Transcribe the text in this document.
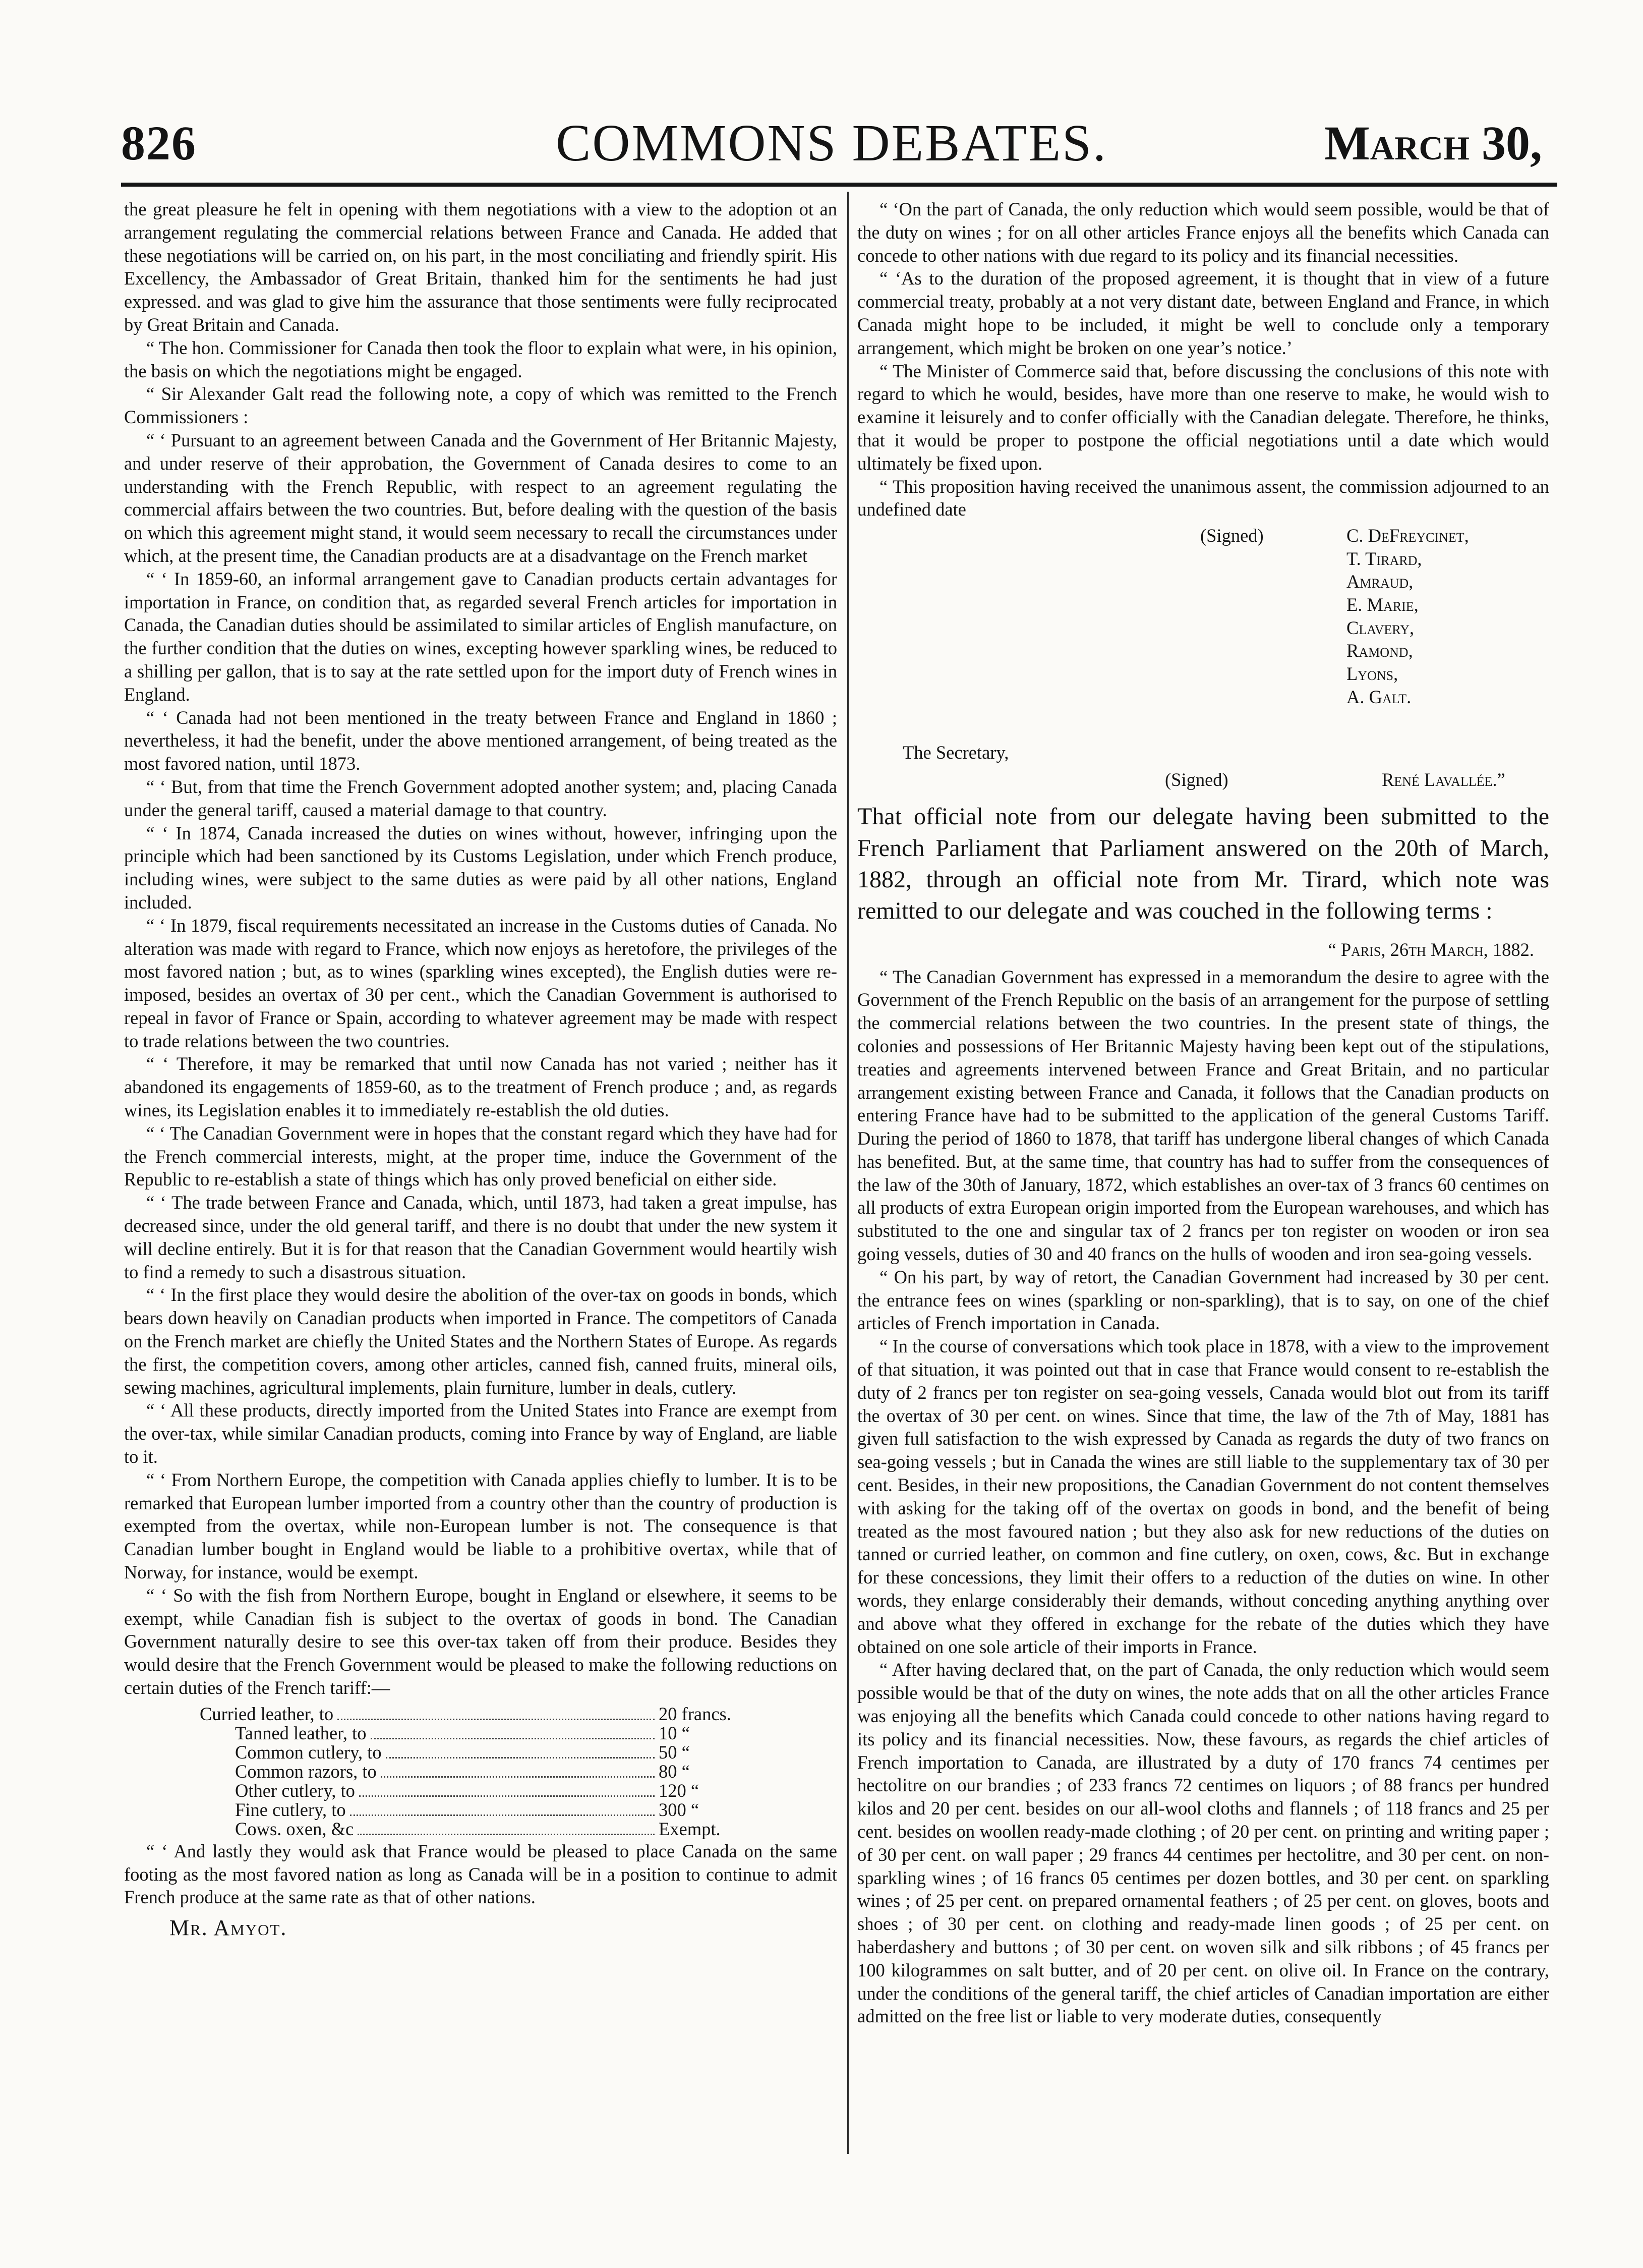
826	COMMONS DEBATES.	March 30,

the great pleasure he felt in opening with them negotiations with a view to the adoption ot an arrangement regulating the commercial relations between France and Canada. He added that these negotiations will be carried on, on his part, in the most conciliating and friendly spirit. His Excellency, the Ambassador of Great Britain, thanked him for the sentiments he had just expressed. and was glad to give him the assurance that those sentiments were fully reciprocated by Great Britain and Canada.

“ The hon. Commissioner for Canada then took the floor to explain what were, in his opinion, the basis on which the negotiations might be engaged.

“ Sir Alexander Galt read the following note, a copy of which was remitted to the French Commissioners :

“ ‘ Pursuant to an agreement between Canada and the Government of Her Britannic Majesty, and under reserve of their approbation, the Government of Canada desires to come to an understanding with the French Republic, with respect to an agreement regulating the commercial affairs between the two countries. But, before dealing with the question of the basis on which this agreement might stand, it would seem necessary to recall the circumstances under which, at the present time, the Canadian products are at a disadvantage on the French market

“ ‘ In 1859-60, an informal arrangement gave to Canadian products certain advantages for importation in France, on condition that, as regarded several French articles for importation in Canada, the Canadian duties should be assimilated to similar articles of English manufacture, on the further condition that the duties on wines, excepting however sparkling wines, be reduced to a shilling per gallon, that is to say at the rate settled upon for the import duty of French wines in England.

“ ‘ Canada had not been mentioned in the treaty between France and England in 1860 ; nevertheless, it had the benefit, under the above mentioned arrangement, of being treated as the most favored nation, until 1873.

“ ‘ But, from that time the French Government adopted another system; and, placing Canada under the general tariff, caused a material damage to that country.

“ ‘ In 1874, Canada increased the duties on wines without, however, infringing upon the principle which had been sanctioned by its Customs Legislation, under which French produce, including wines, were subject to the same duties as were paid by all other nations, England included.

“ ‘ In 1879, fiscal requirements necessitated an increase in the Customs duties of Canada. No alteration was made with regard to France, which now enjoys as heretofore, the privileges of the most favored nation ; but, as to wines (sparkling wines excepted), the English duties were re-imposed, besides an overtax of 30 per cent., which the Canadian Government is authorised to repeal in favor of France or Spain, according to whatever agreement may be made with respect to trade relations between the two countries.

“ ‘ Therefore, it may be remarked that until now Canada has not varied ; neither has it abandoned its engagements of 1859-60, as to the treatment of French produce ; and, as regards wines, its Legislation enables it to immediately re-establish the old duties.

“ ‘ The Canadian Government were in hopes that the constant regard which they have had for the French commercial interests, might, at the proper time, induce the Government of the Republic to re-establish a state of things which has only proved beneficial on either side.

“ ‘ The trade between France and Canada, which, until 1873, had taken a great impulse, has decreased since, under the old general tariff, and there is no doubt that under the new system it will decline entirely. But it is for that reason that the Canadian Government would heartily wish to find a remedy to such a disastrous situation.

“ ‘ In the first place they would desire the abolition of the over-tax on goods in bonds, which bears down heavily on Canadian products when imported in France. The competitors of Canada on the French market are chiefly the United States and the Northern States of Europe. As regards the first, the competition covers, among other articles, canned fish, canned fruits, mineral oils, sewing machines, agricultural implements, plain furniture, lumber in deals, cutlery.

“ ‘ All these products, directly imported from the United States into France are exempt from the over-tax, while similar Canadian products, coming into France by way of England, are liable to it.

“ ‘ From Northern Europe, the competition with Canada applies chiefly to lumber. It is to be remarked that European lumber imported from a country other than the country of production is exempted from the overtax, while non-European lumber is not. The consequence is that Canadian lumber bought in England would be liable to a prohibitive overtax, while that of Norway, for instance, would be exempt.

“ ‘ So with the fish from Northern Europe, bought in England or elsewhere, it seems to be exempt, while Canadian fish is subject to the overtax of goods in bond. The Canadian Government naturally desire to see this over-tax taken off from their produce. Besides they would desire that the French Government would be pleased to make the following reductions on certain duties of the French tariff:—

Curried leather, to	20 francs.
Tanned leather, to	10 “
Common cutlery, to	50 “
Common razors, to	80 “
Other cutlery, to	120 “
Fine cutlery, to	300 “
Cows. oxen, &c	Exempt.

“ ‘ And lastly they would ask that France would be pleased to place Canada on the same footing as the most favored nation as long as Canada will be in a position to continue to admit French produce at the same rate as that of other nations.

Mr. Amyot.

“ ‘On the part of Canada, the only reduction which would seem possible, would be that of the duty on wines ; for on all other articles France enjoys all the benefits which Canada can concede to other nations with due regard to its policy and its financial necessities.

“ ‘As to the duration of the proposed agreement, it is thought that in view of a future commercial treaty, probably at a not very distant date, between England and France, in which Canada might hope to be included, it might be well to conclude only a temporary arrangement, which might be broken on one year’s notice.’

“ The Minister of Commerce said that, before discussing the conclusions of this note with regard to which he would, besides, have more than one reserve to make, he would wish to examine it leisurely and to confer officially with the Canadian delegate. Therefore, he thinks, that it would be proper to postpone the official negotiations until a date which would ultimately be fixed upon.

“ This proposition having received the unanimous assent, the commission adjourned to an undefined date

(Signed)	C. DeFreycinet,
T. Tirard,
Amraud,
E. Marie,
Clavery,
Ramond,
Lyons,
A. Galt.
The Secretary,
(Signed)	René Lavallée.”

That official note from our delegate having been submitted to the French Parliament that Parliament answered on the 20th of March, 1882, through an official note from Mr. Tirard, which note was remitted to our delegate and was couched in the following terms :

“ Paris, 26th March, 1882.

“ The Canadian Government has expressed in a memorandum the desire to agree with the Government of the French Republic on the basis of an arrangement for the purpose of settling the commercial relations between the two countries. In the present state of things, the colonies and possessions of Her Britannic Majesty having been kept out of the stipulations, treaties and agreements intervened between France and Great Britain, and no particular arrangement existing between France and Canada, it follows that the Canadian products on entering France have had to be submitted to the application of the general Customs Tariff. During the period of 1860 to 1878, that tariff has undergone liberal changes of which Canada has benefited. But, at the same time, that country has had to suffer from the consequences of the law of the 30th of January, 1872, which establishes an over-tax of 3 francs 60 centimes on all products of extra European origin imported from the European warehouses, and which has substituted to the one and singular tax of 2 francs per ton register on wooden or iron sea going vessels, duties of 30 and 40 francs on the hulls of wooden and iron sea-going vessels.

“ On his part, by way of retort, the Canadian Government had increased by 30 per cent. the entrance fees on wines (sparkling or non-sparkling), that is to say, on one of the chief articles of French importation in Canada.

“ In the course of conversations which took place in 1878, with a view to the improvement of that situation, it was pointed out that in case that France would consent to re-establish the duty of 2 francs per ton register on sea-going vessels, Canada would blot out from its tariff the overtax of 30 per cent. on wines. Since that time, the law of the 7th of May, 1881 has given full satisfaction to the wish expressed by Canada as regards the duty of two francs on sea-going vessels ; but in Canada the wines are still liable to the supplementary tax of 30 per cent. Besides, in their new propositions, the Canadian Government do not content themselves with asking for the taking off of the overtax on goods in bond, and the benefit of being treated as the most favoured nation ; but they also ask for new reductions of the duties on tanned or curried leather, on common and fine cutlery, on oxen, cows, &c. But in exchange for these concessions, they limit their offers to a reduction of the duties on wine. In other words, they enlarge considerably their demands, without conceding anything anything over and above what they offered in exchange for the rebate of the duties which they have obtained on one sole article of their imports in France.

“ After having declared that, on the part of Canada, the only reduction which would seem possible would be that of the duty on wines, the note adds that on all the other articles France was enjoying all the benefits which Canada could concede to other nations having regard to its policy and its financial necessities. Now, these favours, as regards the chief articles of French importation to Canada, are illustrated by a duty of 170 francs 74 centimes per hectolitre on our brandies ; of 233 francs 72 centimes on liquors ; of 88 francs per hundred kilos and 20 per cent. besides on our all-wool cloths and flannels ; of 118 francs and 25 per cent. besides on woollen ready-made clothing ; of 20 per cent. on printing and writing paper ; of 30 per cent. on wall paper ; 29 francs 44 centimes per hectolitre, and 30 per cent. on non-sparkling wines ; of 16 francs 05 centimes per dozen bottles, and 30 per cent. on sparkling wines ; of 25 per cent. on prepared ornamental feathers ; of 25 per cent. on gloves, boots and shoes ; of 30 per cent. on clothing and ready-made linen goods ; of 25 per cent. on haberdashery and buttons ; of 30 per cent. on woven silk and silk ribbons ; of 45 francs per 100 kilogrammes on salt butter, and of 20 per cent. on olive oil. In France on the contrary, under the conditions of the general tariff, the chief articles of Canadian importation are either admitted on the free list or liable to very moderate duties, consequently
